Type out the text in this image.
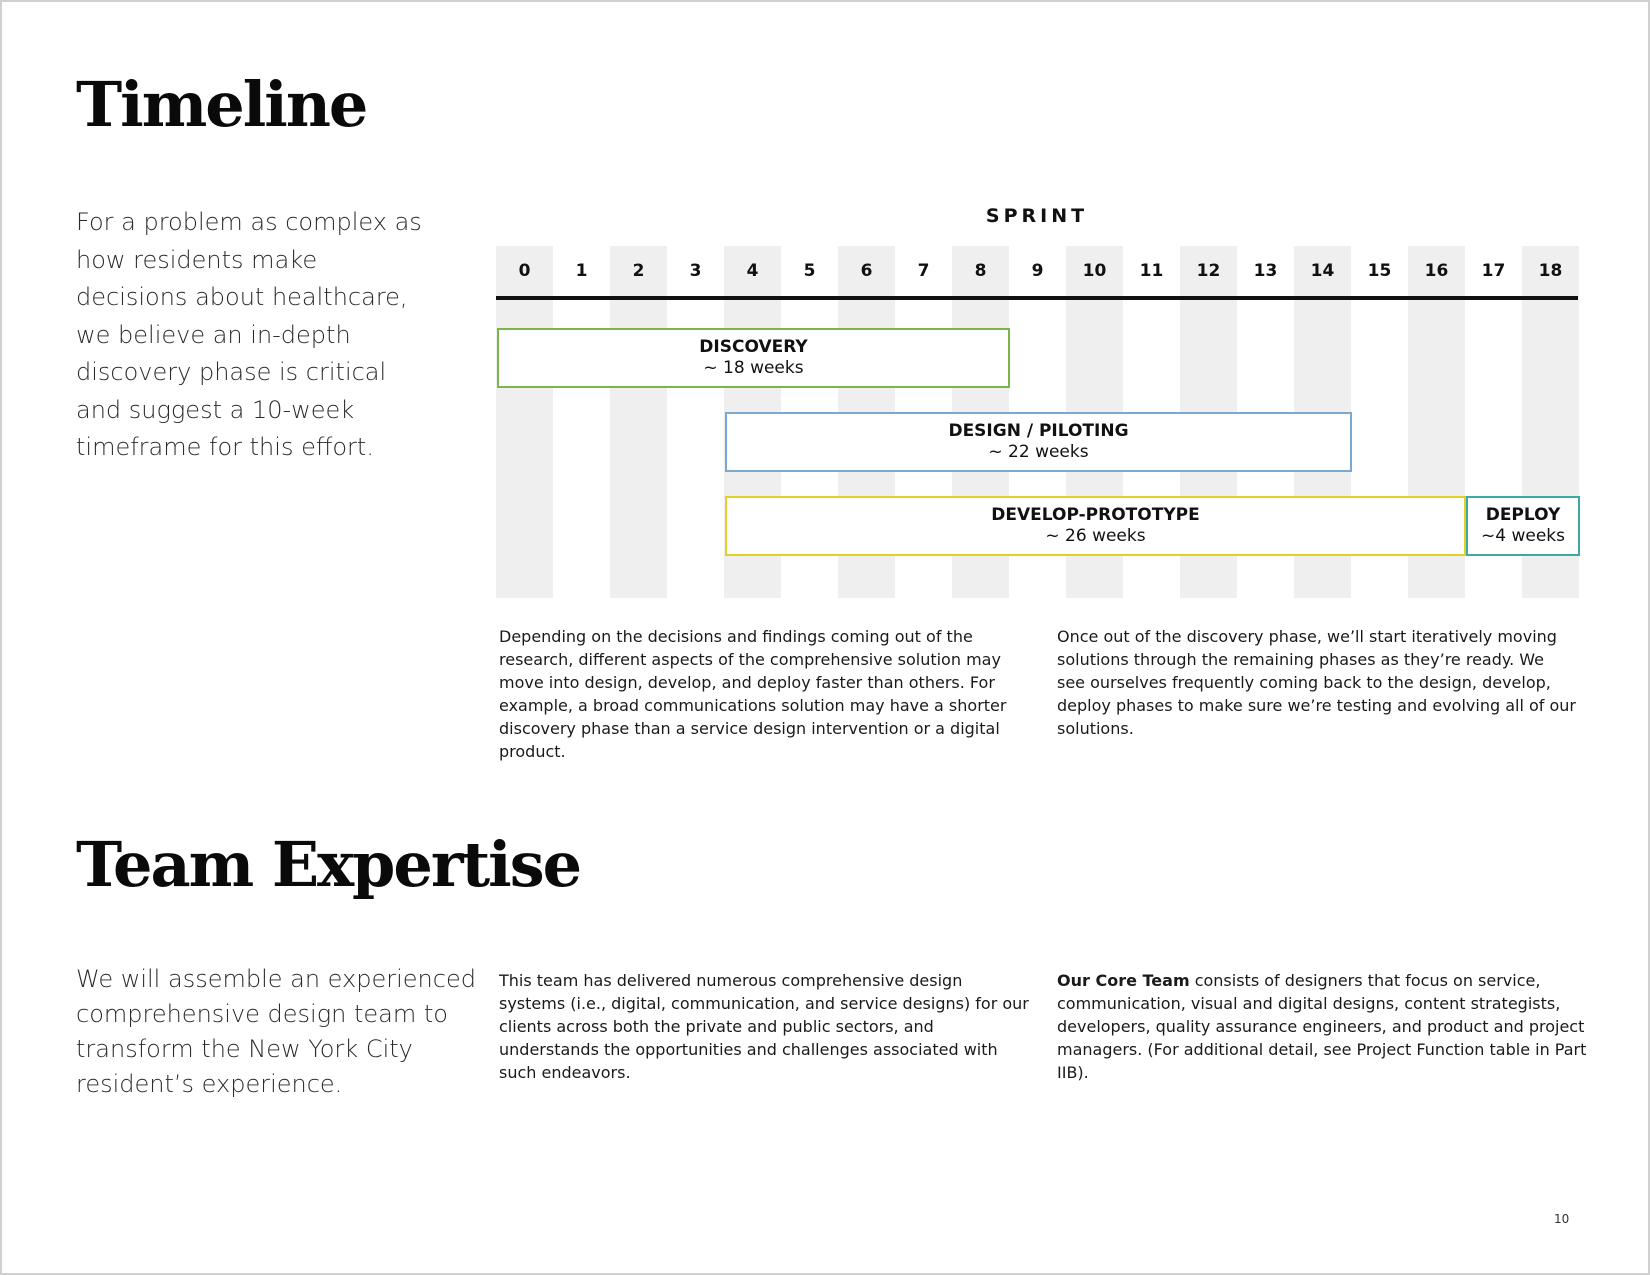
Timeline

For a problem as complex as how residents make decisions about healthcare, we believe an in-depth discovery phase is critical and suggest a 10-week timeframe for this effort.

SPRINT
0	1	2	3	4	5	6	7	8	9	10	11	12	13	14	15	16	17	18
DISCOVERY
~ 18 weeks
DESIGN / PILOTING
~ 22 weeks
DEVELOP-PROTOTYPE
~ 26 weeks
DEPLOY
~4 weeks

Depending on the decisions and findings coming out of the research, different aspects of the comprehensive solution may move into design, develop, and deploy faster than others. For example, a broad communications solution may have a shorter discovery phase than a service design intervention or a digital product.

Once out of the discovery phase, we’ll start iteratively moving solutions through the remaining phases as they’re ready. We see ourselves frequently coming back to the design, develop, deploy phases to make sure we’re testing and evolving all of our solutions.

Team Expertise

We will assemble an experienced comprehensive design team to transform the New York City resident’s experience.

This team has delivered numerous comprehensive design systems (i.e., digital, communication, and service designs) for our clients across both the private and public sectors, and understands the opportunities and challenges associated with such endeavors.

Our Core Team consists of designers that focus on service, communication, visual and digital designs, content strategists, developers, quality assurance engineers, and product and project managers. (For additional detail, see Project Function table in Part IIB).

10
